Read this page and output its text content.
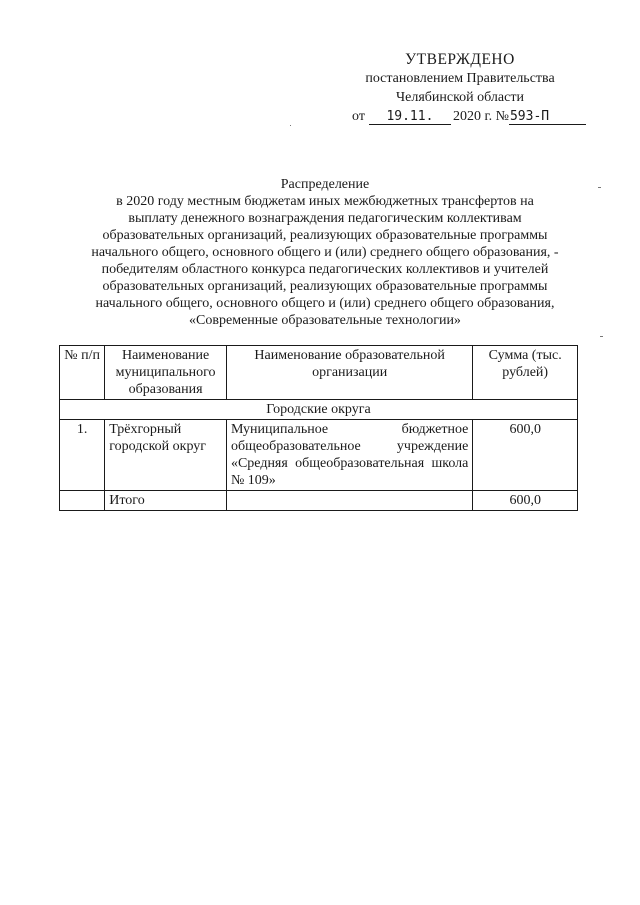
УТВЕРЖДЕНО
постановлением Правительства
Челябинской области
от 19.11. 2020 г. №593-П
Распределение
в 2020 году местным бюджетам иных межбюджетных трансфертов на
выплату денежного вознаграждения педагогическим коллективам
образовательных организаций, реализующих образовательные программы
начального общего, основного общего и (или) среднего общего образования, -
победителям областного конкурса педагогических коллективов и учителей
образовательных организаций, реализующих образовательные программы
начального общего, основного общего и (или) среднего общего образования,
«Современные образовательные технологии»
№ п/п	Наименование муниципального образования	Наименование образовательной организации	Сумма (тыс. рублей)
Городские округа			
1.	Трёхгорный городской округ	Муниципальное бюджетное общеобразовательное учреждение «Средняя общеобразовательная школа № 109»	600,0
	Итого		600,0
